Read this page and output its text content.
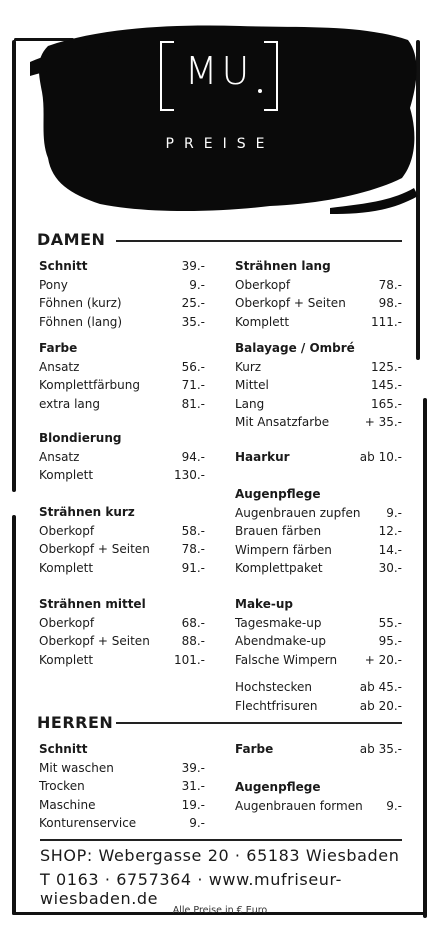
MU
PREISE
DAMEN
HERREN
Schnitt	39.-
Pony	9.-
Föhnen (kurz)	25.-
Föhnen (lang)	35.-
Farbe
Ansatz	56.-
Komplettfärbung	71.-
extra lang	81.-
Blondierung
Ansatz	94.-
Komplett	130.-
Strähnen kurz
Oberkopf	58.-
Oberkopf + Seiten	78.-
Komplett	91.-
Strähnen mittel
Oberkopf	68.-
Oberkopf + Seiten	88.-
Komplett	101.-
Strähnen lang
Oberkopf	78.-
Oberkopf + Seiten	98.-
Komplett	111.-
Balayage / Ombré
Kurz	125.-
Mittel	145.-
Lang	165.-
Mit Ansatzfarbe	+ 35.-
Haarkur	ab 10.-
Augenpflege
Augenbrauen zupfen 9.-
Brauen färben	12.-
Wimpern färben	14.-
Komplettpaket	30.-
Make-up
Tagesmake-up	55.-
Abendmake-up	95.-
Falsche Wimpern + 20.-
Hochstecken	ab 45.-
Flechtfrisuren	ab 20.-
Schnitt
Mit waschen	39.-
Trocken	31.-
Maschine	19.-
Konturenservice	9.-
Farbe	ab 35.-
Augenpflege
Augenbrauen formen 9.-
SHOP: Webergasse 20 · 65183 Wiesbaden
T 0163 · 6757364 · www.mufriseur-wiesbaden.de
Alle Preise in € Euro
